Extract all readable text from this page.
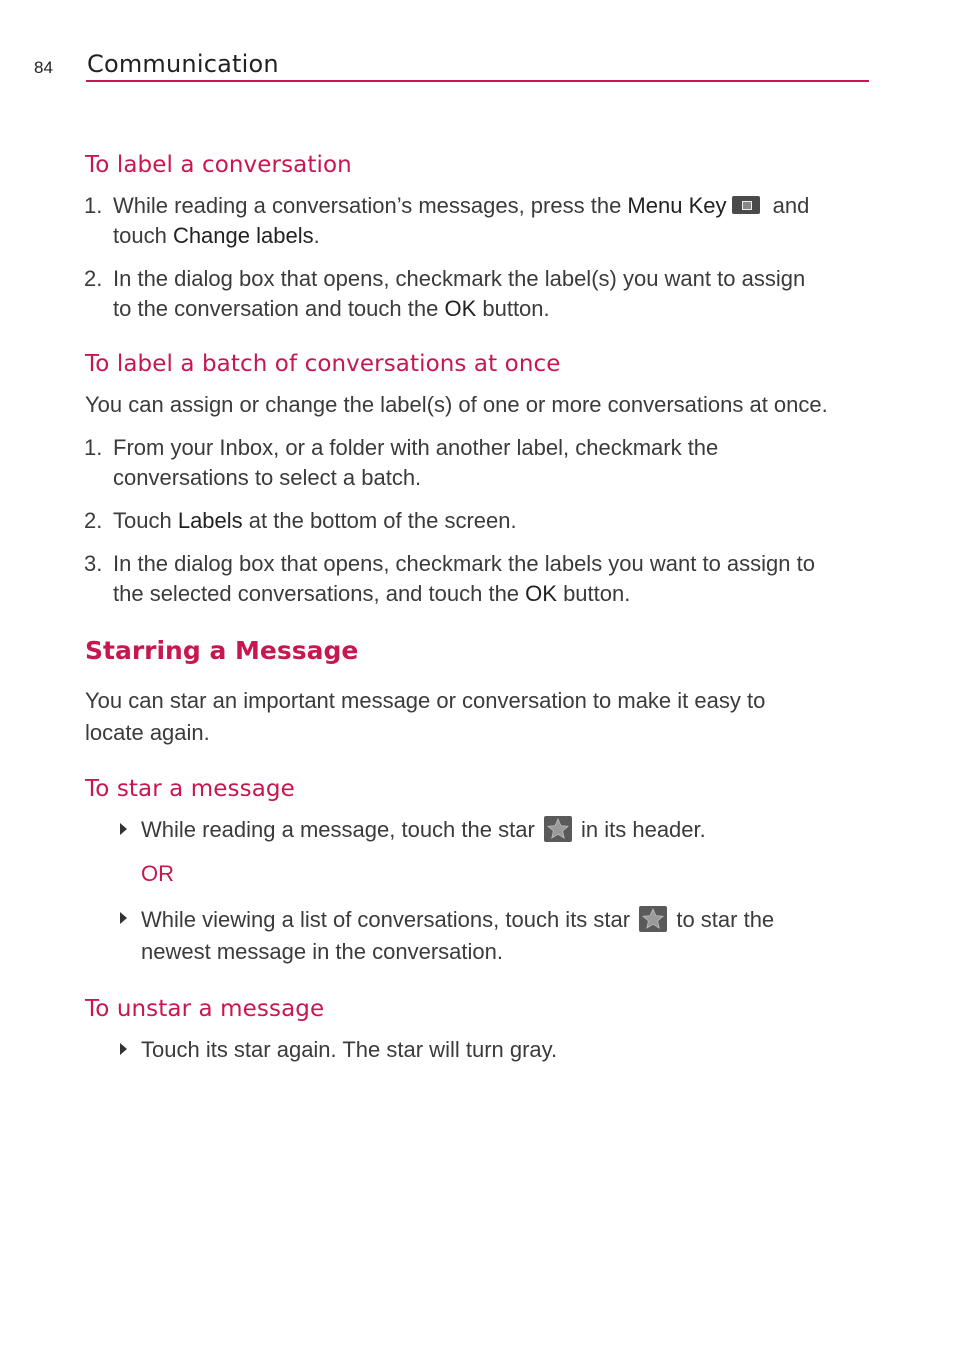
84 Communication
To label a conversation
1. While reading a conversation’s messages, press the Menu Key and
touch Change labels.
2. In the dialog box that opens, checkmark the label(s) you want to assign
to the conversation and touch the OK button.
To label a batch of conversations at once
You can assign or change the label(s) of one or more conversations at once.
1. From your Inbox, or a folder with another label, checkmark the
conversations to select a batch.
2. Touch Labels at the bottom of the screen.
3. In the dialog box that opens, checkmark the labels you want to assign to
the selected conversations, and touch the OK button.
Starring a Message
You can star an important message or conversation to make it easy to
locate again.
To star a message
While reading a message, touch the star
in its header.
OR
While viewing a list of conversations, touch its star
to star the
newest message in the conversation.
To unstar a message
Touch its star again. The star will turn gray.
